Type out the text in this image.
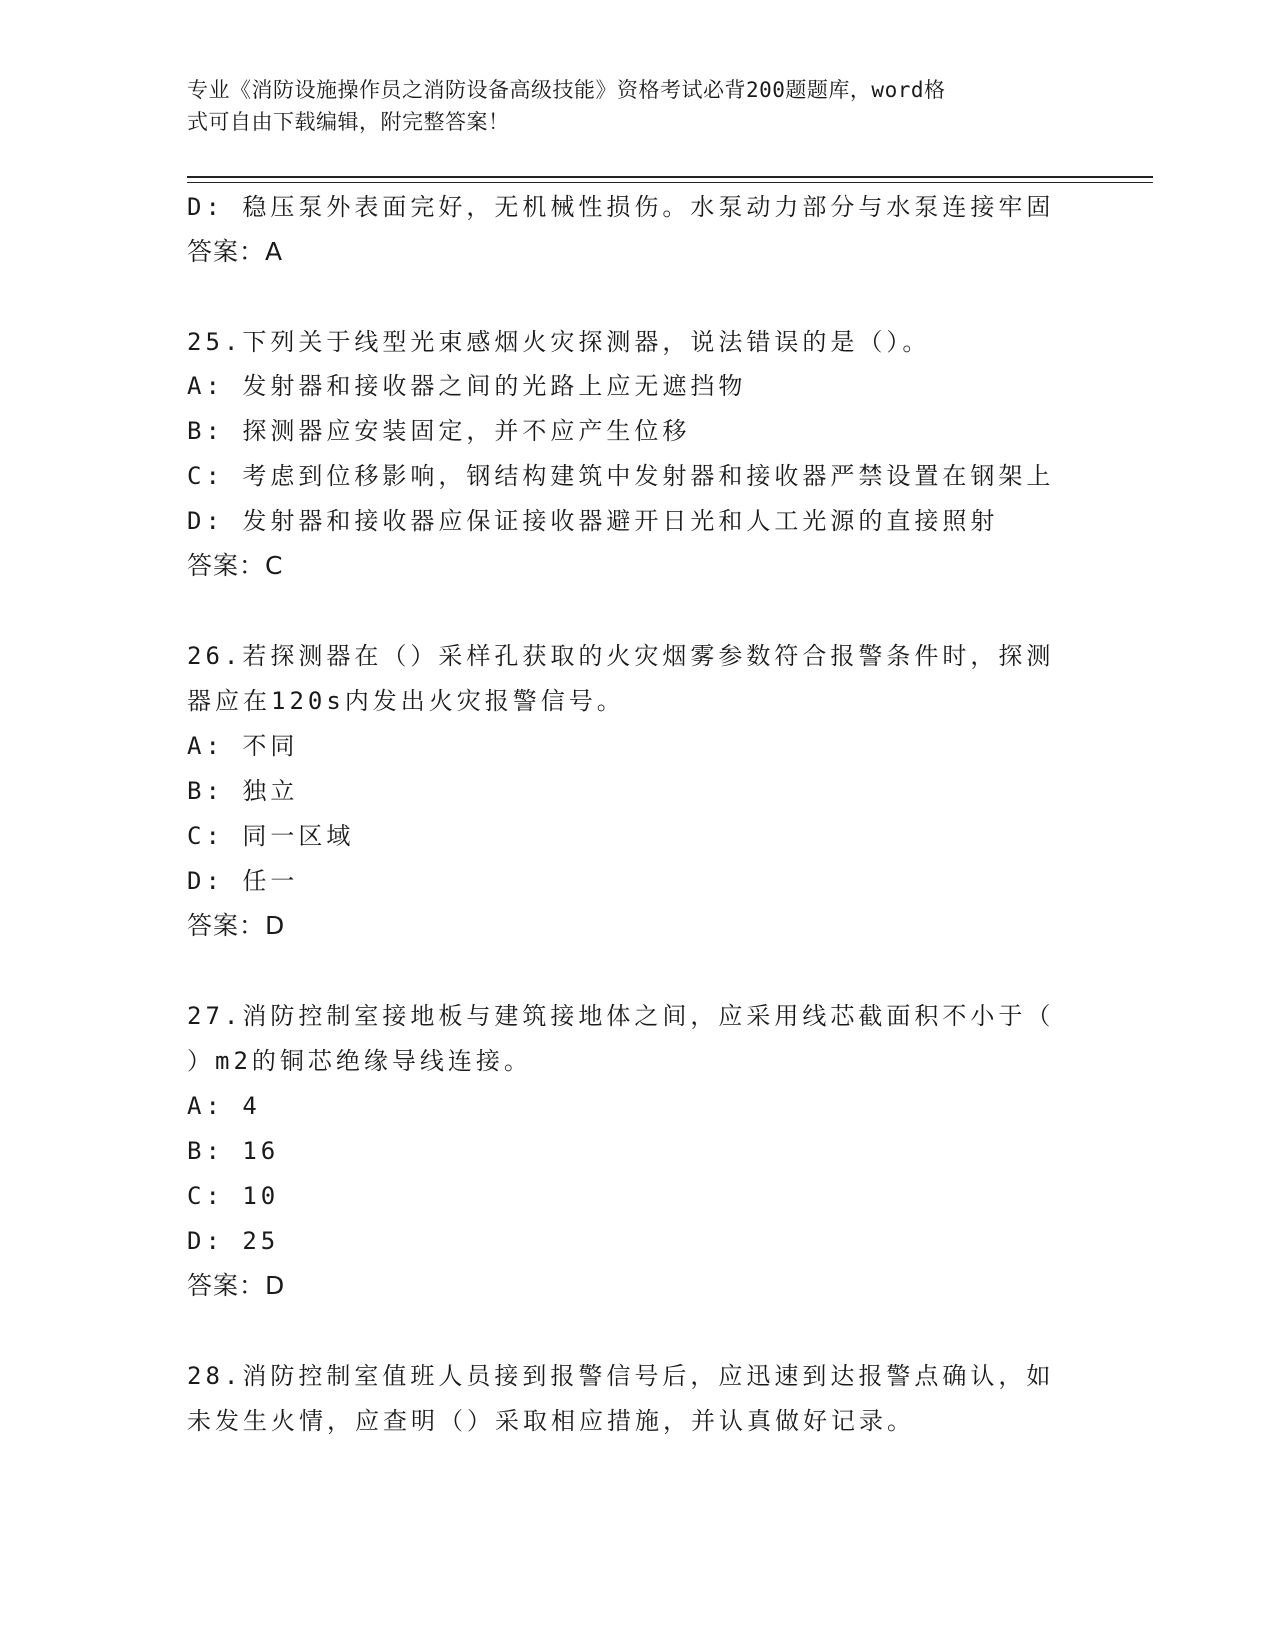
专业《消防设施操作员之消防设备高级技能》资格考试必背200题题库，word格
式可自由下载编辑，附完整答案！
D: 稳压泵外表面完好，无机械性损伤。水泵动力部分与水泵连接牢固
答案：A
25.下列关于线型光束感烟火灾探测器，说法错误的是（）。
A: 发射器和接收器之间的光路上应无遮挡物
B: 探测器应安装固定，并不应产生位移
C: 考虑到位移影响，钢结构建筑中发射器和接收器严禁设置在钢架上
D: 发射器和接收器应保证接收器避开日光和人工光源的直接照射
答案：C
26.若探测器在（）采样孔获取的火灾烟雾参数符合报警条件时，探测
器应在120s内发出火灾报警信号。
A: 不同
B: 独立
C: 同一区域
D: 任一
答案：D
27.消防控制室接地板与建筑接地体之间，应采用线芯截面积不小于（
）m2的铜芯绝缘导线连接。
A: 4
B: 16
C: 10
D: 25
答案：D
28.消防控制室值班人员接到报警信号后，应迅速到达报警点确认，如
未发生火情，应查明（）采取相应措施，并认真做好记录。
